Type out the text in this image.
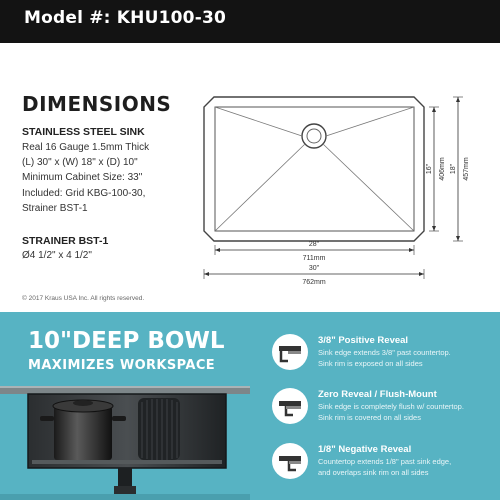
Model #: KHU100-30
DIMENSIONS
STAINLESS STEEL SINK
Real 16 Gauge 1.5mm Thick
(L) 30" x (W) 18" x (D) 10"
Minimum Cabinet Size: 33"
Included: Grid KBG-100-30,
Strainer BST-1
STRAINER BST-1
Ø4 1/2" x 4 1/2"
© 2017 Kraus USA Inc. All rights reserved.
28"
711mm
30"
762mm
16" 406mm 18" 457mm
10"DEEP BOWL
MAXIMIZES WORKSPACE
3/8" Positive Reveal
Sink edge extends 3/8" past countertop.
Sink rim is exposed on all sides
Zero Reveal / Flush-Mount
Sink edge is completely flush w/ countertop.
Sink rim is covered on all sides
1/8" Negative Reveal
Countertop extends 1/8" past sink edge,
and overlaps sink rim on all sides
